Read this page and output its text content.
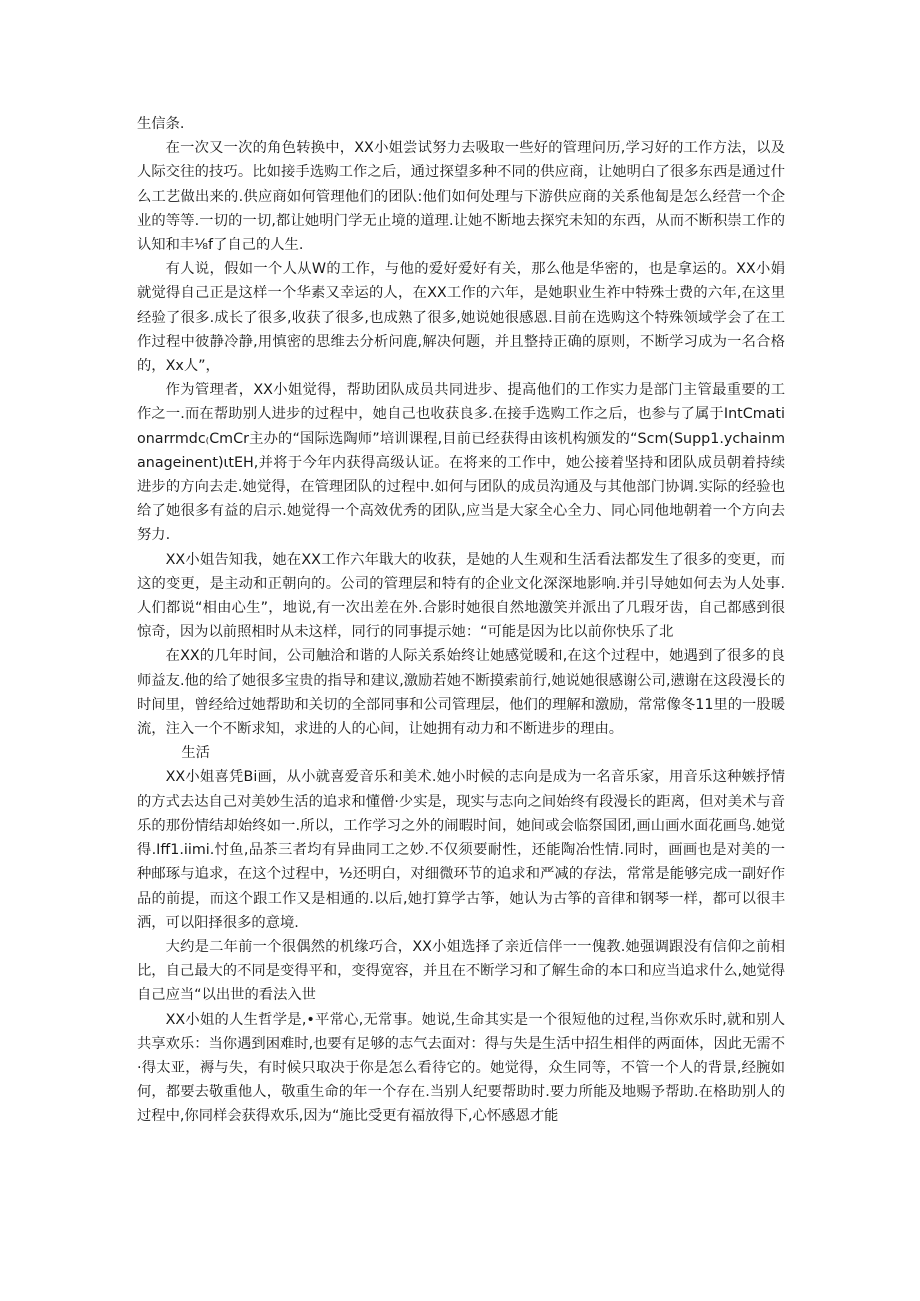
生信条.

在一次又一次的角色转换中，XX小姐尝试努力去吸取一些好的管理问历,学习好的工作方法，以及人际交往的技巧。比如接手选购工作之后，通过探望多种不同的供应商，让她明白了很多东西是通过什么工艺做出来的.供应商如何管理他们的团队:他们如何处理与下游供应商的关系他匐是怎么经营一个企业的等等.一切的一切,都让她明门学无止境的道理.让她不断地去探究未知的东西，从而不断积崇工作的认知和丰⅛f了自己的人生.

有人说，假如一个人从W的工作，与他的爱好爱好有关，那么他是华密的，也是拿运的。XX小娟就觉得自己正是这样一个华素又幸运的人，在XX工作的六年，是她职业生祚中特殊士费的六年,在这里经验了很多.成长了很多,收获了很多,也成熟了很多,她说她很感恩.目前在选购这个特殊领域学会了在工作过程中彼静冷静,用慎密的思维去分析问鹿,解决何题，并且整持正确的原则，不断学习成为一名合格的，Xx人”，

作为管理者，XX小姐觉得，帮助团队成员共同进步、提高他们的工作实力是部门主管最重要的工作之一.而在帮助别人进步的过程中，她自己也收获良多.在接手选购工作之后，也参与了属于IntCmationarrmdc₍CmCr主办的“国际选陶师”培训课程,目前已经获得由该机构颁发的“Scm(Supp1.ychainmanageinent)ιtEH,并将于今年内获得高级认证。在将来的工作中，她公接着坚持和团队成员朝着持续进步的方向去走.她觉得，在管理团队的过程中.如何与团队的成员沟通及与其他部门协调.实际的经验也给了她很多有益的启示.她觉得一个高效优秀的团队,应当是大家全心全力、同心同他地朝着一个方向去努力.

XX小姐告知我，她在XX工作六年戢大的收获，是她的人生观和生活看法都发生了很多的变更，而这的变更，是主动和正朝向的。公司的管理层和特有的企业文化深深地影响.并引导她如何去为人处事.人们都说“相由心生”，地说,有一次出差在外.合影时她很自然地激笑并派出了几瑕牙齿，自己都感到很惊奇，因为以前照相时从未这样，同行的同事提示她：“可能是因为比以前你快乐了北

在XX的几年时间，公司触洽和谐的人际关系始终让她感觉暖和,在这个过程中，她遇到了很多的良师益友.他的给了她很多宝贵的指导和建议,激励若她不断摸索前行,她说她很感谢公司,懑谢在这段漫长的时间里，曾经给过她帮助和关切的全部同事和公司管理层，他们的理解和激励，常常像冬11里的一股暖流，注入一个不断求知，求进的人的心间，让她拥有动力和不断进步的理由。

生活

XX小姐喜凭Bi画，从小就喜爱音乐和美术.她小时候的志向是成为一名音乐家，用音乐这种嫉抒情的方式去达自己对美妙生活的追求和懂僧·少实是，现实与志向之间始终有段漫长的距离，但对美术与音乐的那份情结却始终如一.所以，工作学习之外的闹暇时间，她间或会临祭国团,画山画水面花画鸟.她觉得.Iff1.iimi.忖鱼,品茶三者均有异曲同工之妙.不仅须要耐性，还能陶冶性情.同时，画画也是对美的一种邮琢与追求，在这个过程中，½还明白，对细微环节的追求和严减的存法，常常是能够完成一副好作品的前提，而这个跟工作又是相通的.以后,她打算学古筝，她认为古筝的音律和钢琴一样，都可以很丰洒，可以阳择很多的意境.

大约是二年前一个很偶然的机缘巧合，XX小姐选择了亲近信伴一一傀教.她强调跟没有信仰之前相比，自己最大的不同是变得平和，变得宽容，并且在不断学习和了解生命的本口和应当追求什么,她觉得自己应当“以出世的看法入世

XX小姐的人生哲学是,•平常心,无常事。她说,生命其实是一个很短他的过程,当你欢乐时,就和别人共享欢乐：当你遇到困难时,也要有足够的志气去面对：得与失是生活中招生相伴的两面体，因此无需不·得太亚，褥与失，有时候只取决于你是怎么看待它的。她觉得，众生同等，不管一个人的背景,经腕如何，都要去敬重他人，敬重生命的年一个存在.当别人纪要帮助时.要力所能及地赐予帮助.在格助别人的过程中,你同样会获得欢乐,因为“施比受更有福放得下,心怀感恩才能
